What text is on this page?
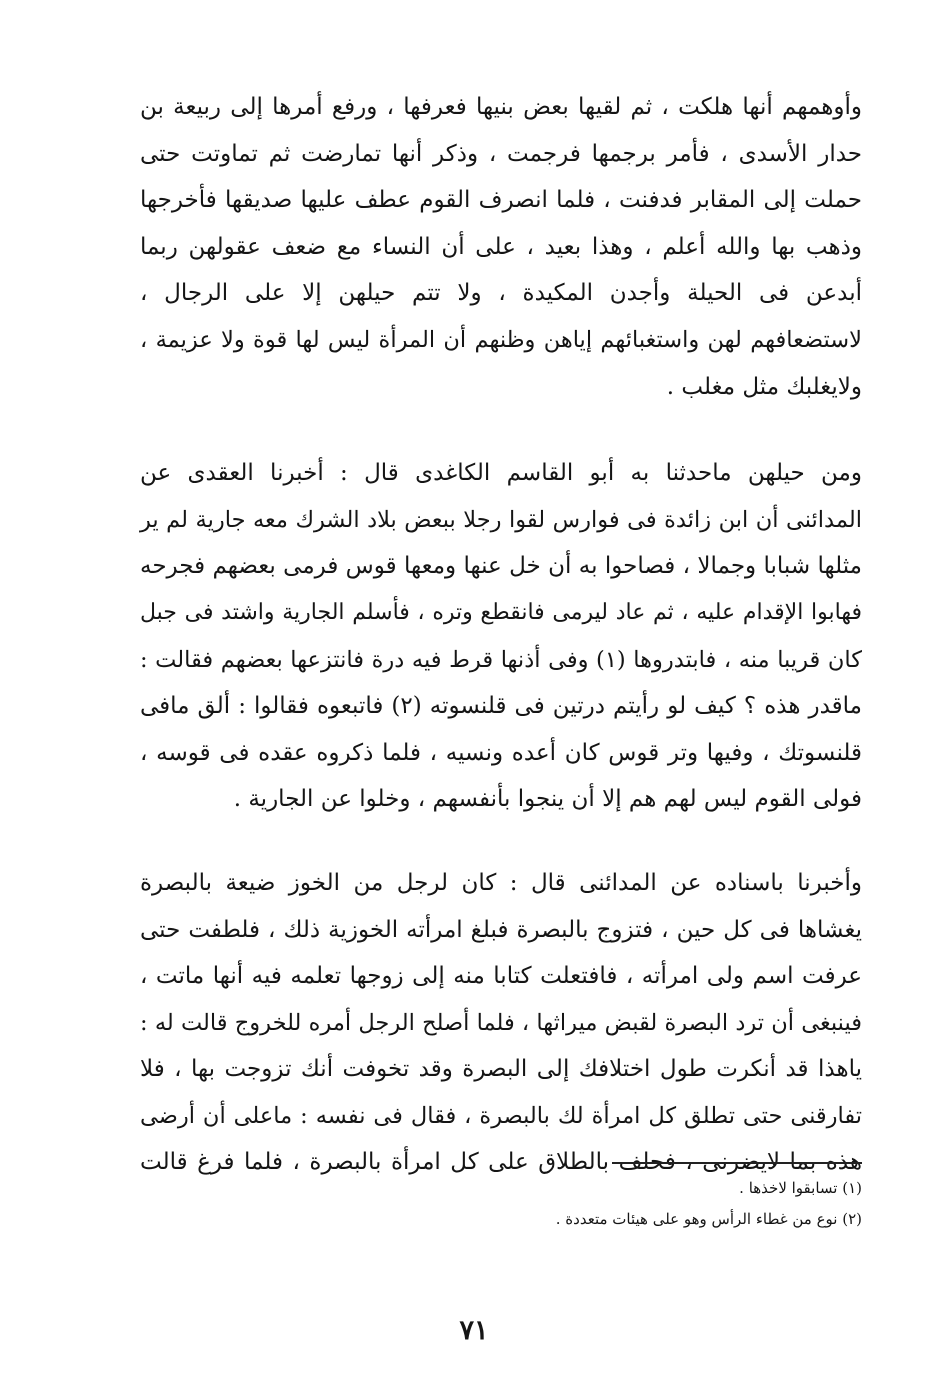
وأوهمهم أنها هلكت ، ثم لقيها بعض بنيها فعرفها ، ورفع أمرها إلى ربيعة بن
حدار الأسدى ، فأمر برجمها فرجمت ، وذكر أنها تمارضت ثم تماوتت حتى
حملت إلى المقابر فدفنت ، فلما انصرف القوم عطف عليها صديقها فأخرجها
وذهب بها والله أعلم ، وهذا بعيد ، على أن النساء مع ضعف عقولهن ربما
أبدعن فى الحيلة وأجدن المكيدة ، ولا تتم حيلهن إلا على الرجال ،
لاستضعافهم لهن واستغبائهم إياهن وظنهم أن المرأة ليس لها قوة ولا عزيمة ،
ولايغلبك مثل مغلب .
ومن حيلهن ماحدثنا به أبو القاسم الكاغدى قال : أخبرنا العقدى عن
المدائنى أن ابن زائدة فى فوارس لقوا رجلا ببعض بلاد الشرك معه جارية لم ير
مثلها شبابا وجمالا ، فصاحوا به أن خل عنها ومعها قوس فرمى بعضهم فجرحه
فهابوا الإقدام عليه ، ثم عاد ليرمى فانقطع وتره ، فأسلم الجارية واشتد فى جبل
كان قريبا منه ، فابتدروها (١) وفى أذنها قرط فيه درة فانتزعها بعضهم فقالت :
ماقدر هذه ؟ كيف لو رأيتم درتين فى قلنسوته (٢) فاتبعوه فقالوا : ألق مافى
قلنسوتك ، وفيها وتر قوس كان أعده ونسيه ، فلما ذكروه عقده فى قوسه ،
فولى القوم ليس لهم هم إلا أن ينجوا بأنفسهم ، وخلوا عن الجارية .
وأخبرنا باسناده عن المدائنى قال : كان لرجل من الخوز ضيعة بالبصرة
يغشاها فى كل حين ، فتزوج بالبصرة فبلغ امرأته الخوزية ذلك ، فلطفت حتى
عرفت اسم ولى امرأته ، فافتعلت كتابا منه إلى زوجها تعلمه فيه أنها ماتت ،
فينبغى أن ترد البصرة لقبض ميراثها ، فلما أصلح الرجل أمره للخروج قالت له :
ياهذا قد أنكرت طول اختلافك إلى البصرة وقد تخوفت أنك تزوجت بها ، فلا
تفارقنى حتى تطلق كل امرأة لك بالبصرة ، فقال فى نفسه : ماعلى أن أرضى
هذه بما لايضرنى ، فحلف بالطلاق على كل امرأة بالبصرة ، فلما فرغ قالت
(١) تسابقوا لاخذها .
(٢) نوع من غطاء الرأس وهو على هيئات متعددة .
٧١
